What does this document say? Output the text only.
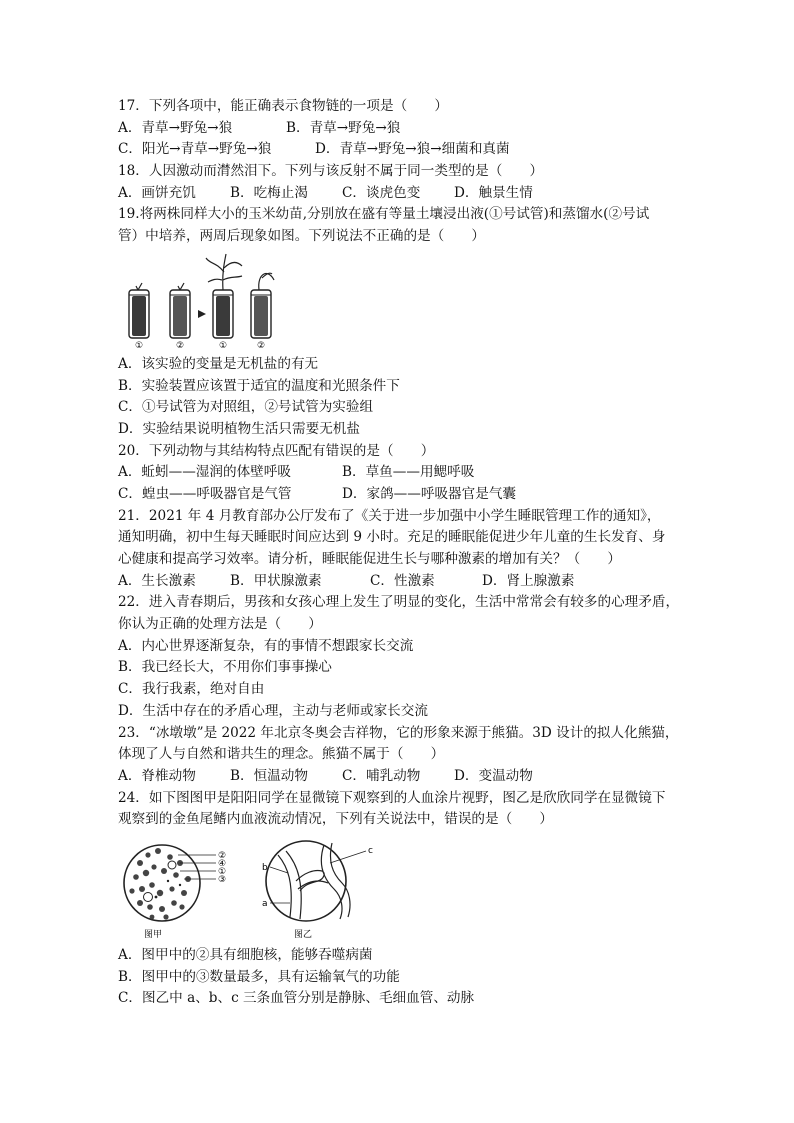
17．下列各项中，能正确表示食物链的一项是（　　）
A．青草→野兔→狼	B．青草→野兔→狼
C．阳光→青草→野兔→狼	D．青草→野兔→狼→细菌和真菌
18．人因激动而潸然泪下。下列与该反射不属于同一类型的是（　　）
A．画饼充饥	B．吃梅止渴	C．谈虎色变 D．触景生情
19.将两株同样大小的玉米幼苗,分别放在盛有等量土壤浸出液(①号试管)和蒸馏水(②号试
管）中培养，两周后现象如图。下列说法不正确的是（　　）
①	②	①	②
A．该实验的变量是无机盐的有无
B．实验装置应该置于适宜的温度和光照条件下
C．①号试管为对照组，②号试管为实验组
D．实验结果说明植物生活只需要无机盐
20．下列动物与其结构特点匹配有错误的是（　　）
A．蚯蚓——湿润的体壁呼吸	B．草鱼——用鳃呼吸
C．蝗虫——呼吸器官是气管	D．家鸽——呼吸器官是气囊
21．2021 年 4 月教育部办公厅发布了《关于进一步加强中小学生睡眠管理工作的通知》，
通知明确，初中生每天睡眠时间应达到 9 小时。充足的睡眠能促进少年儿童的生长发育、身
心健康和提高学习效率。请分析，睡眠能促进生长与哪种激素的增加有关？（　　）
A．生长激素	B．甲状腺激素	C．性激素	D．肾上腺激素
22．进入青春期后，男孩和女孩心理上发生了明显的变化，生活中常常会有较多的心理矛盾，
你认为正确的处理方法是（　　）
A．内心世界逐渐复杂，有的事情不想跟家长交流
B．我已经长大，不用你们事事操心
C．我行我素，绝对自由
D．生活中存在的矛盾心理，主动与老师或家长交流
23．“冰墩墩”是 2022 年北京冬奥会吉祥物，它的形象来源于熊猫。3D 设计的拟人化熊猫，
体现了人与自然和谐共生的理念。熊猫不属于（　　）
A．脊椎动物	B．恒温动物	C．哺乳动物 D．变温动物
24．如下图图甲是阳阳同学在显微镜下观察到的人血涂片视野，图乙是欣欣同学在显微镜下
观察到的金鱼尾鳍内血液流动情况，下列有关说法中，错误的是（　　）
②
④
①
③
图甲
c
b
a
图乙
A．图甲中的②具有细胞核，能够吞噬病菌
B．图甲中的③数量最多，具有运输氧气的功能
C．图乙中 a、b、c 三条血管分别是静脉、毛细血管、动脉
